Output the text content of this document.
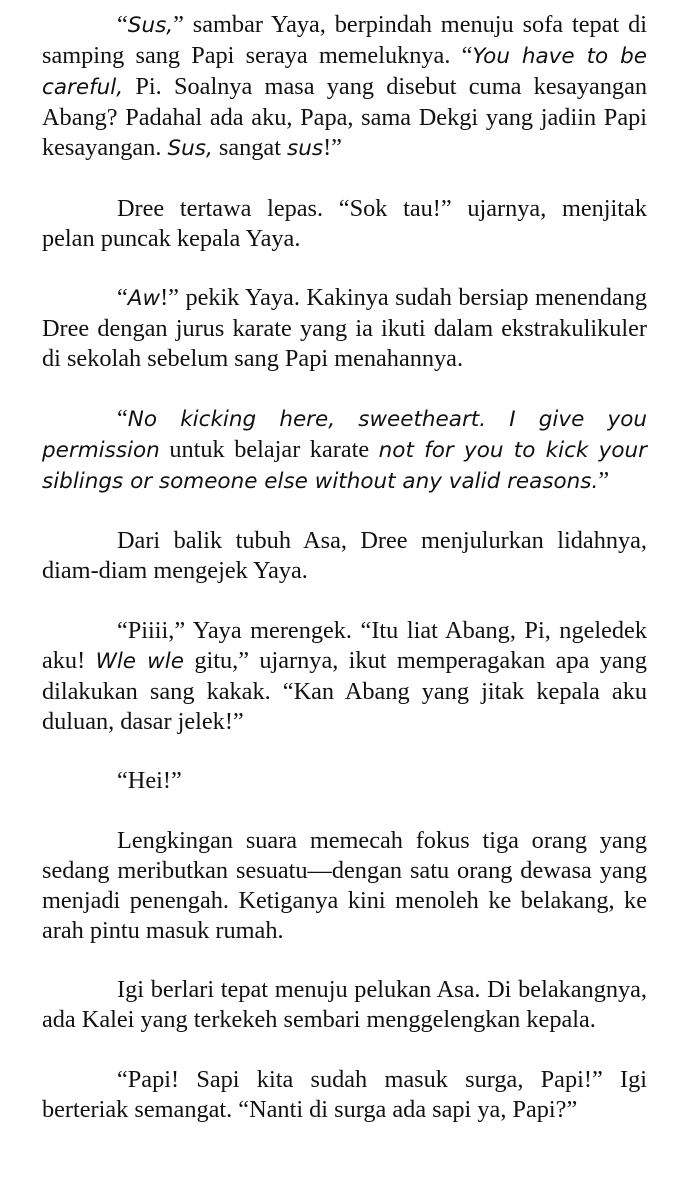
“Sus,” sambar Yaya, berpindah menuju sofa tepat di samping sang Papi seraya memeluknya. “You have to be careful, Pi. Soalnya masa yang disebut cuma kesayangan Abang? Padahal ada aku, Papa, sama Dekgi yang jadiin Papi kesayangan. Sus, sangat sus!”

Dree tertawa lepas. “Sok tau!” ujarnya, menjitak pelan puncak kepala Yaya.

“Aw!” pekik Yaya. Kakinya sudah bersiap menendang Dree dengan jurus karate yang ia ikuti dalam ekstrakulikuler di sekolah sebelum sang Papi menahannya.

“No kicking here, sweetheart. I give you permission untuk belajar karate not for you to kick your siblings or someone else without any valid reasons.”

Dari balik tubuh Asa, Dree menjulurkan lidahnya, diam-diam mengejek Yaya.

“Piiii,” Yaya merengek. “Itu liat Abang, Pi, ngeledek aku! Wle wle gitu,” ujarnya, ikut memperagakan apa yang dilakukan sang kakak. “Kan Abang yang jitak kepala aku duluan, dasar jelek!”

“Hei!”

Lengkingan suara memecah fokus tiga orang yang sedang meributkan sesuatu—dengan satu orang dewasa yang menjadi penengah. Ketiganya kini menoleh ke belakang, ke arah pintu masuk rumah.

Igi berlari tepat menuju pelukan Asa. Di belakangnya, ada Kalei yang terkekeh sembari menggelengkan kepala.

“Papi! Sapi kita sudah masuk surga, Papi!” Igi berteriak semangat. “Nanti di surga ada sapi ya, Papi?”
